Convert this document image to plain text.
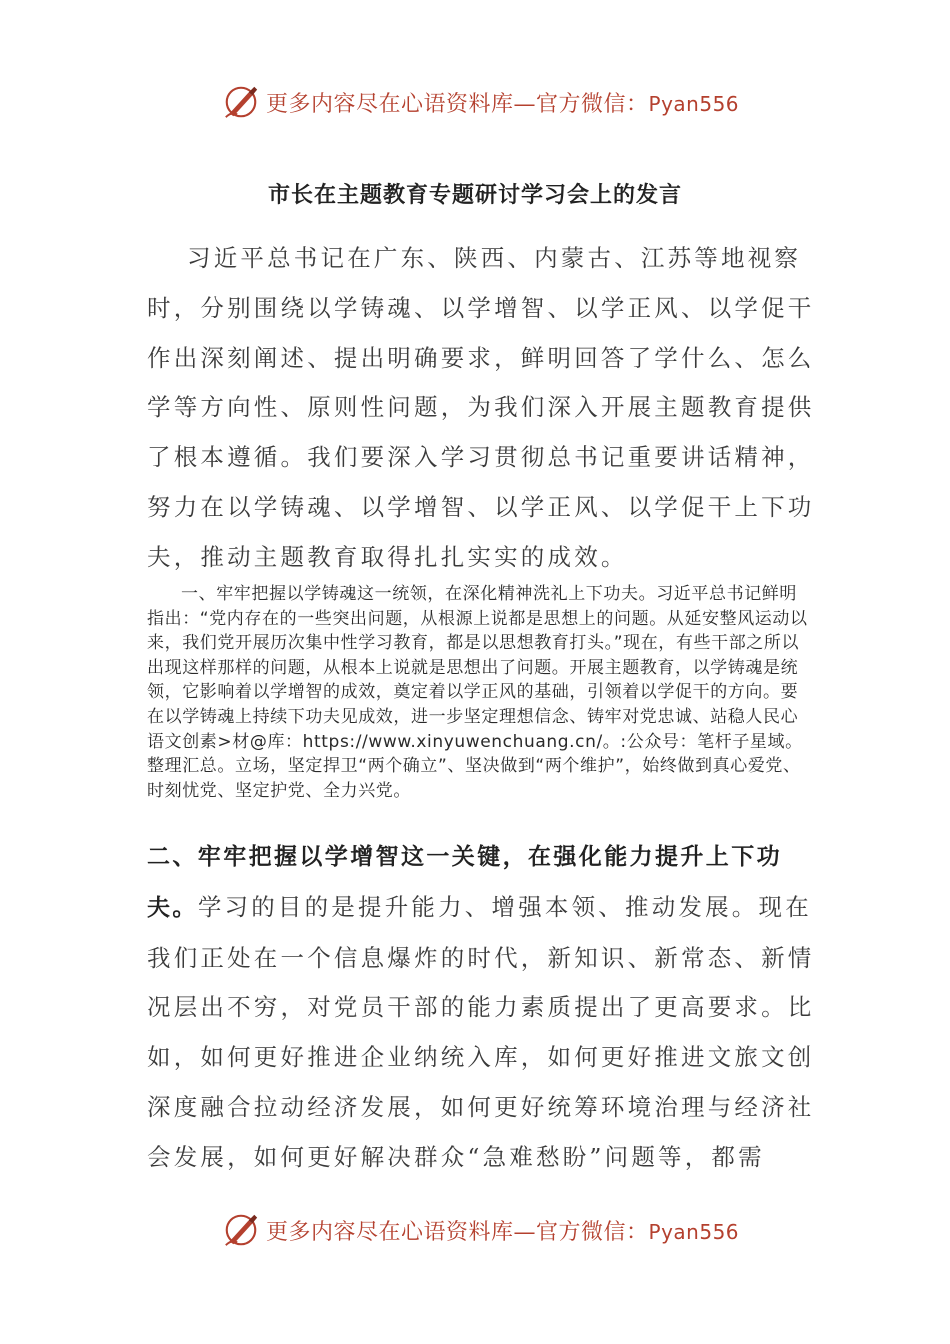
更多内容尽在心语资料库—官方微信：Pyan556
市长在主题教育专题研讨学习会上的发言
习近平总书记在广东、陕西、内蒙古、江苏等地视察时，分别围绕以学铸魂、以学增智、以学正风、以学促干作出深刻阐述、提出明确要求，鲜明回答了学什么、怎么学等方向性、原则性问题，为我们深入开展主题教育提供了根本遵循。我们要深入学习贯彻总书记重要讲话精神，努力在以学铸魂、以学增智、以学正风、以学促干上下功夫，推动主题教育取得扎扎实实的成效。
一、牢牢把握以学铸魂这一统领，在深化精神洗礼上下功夫。习近平总书记鲜明指出：“党内存在的一些突出问题，从根源上说都是思想上的问题。从延安整风运动以来，我们党开展历次集中性学习教育，都是以思想教育打头。”现在，有些干部之所以出现这样那样的问题，从根本上说就是思想出了问题。开展主题教育，以学铸魂是统领，它影响着以学增智的成效，奠定着以学正风的基础，引领着以学促干的方向。要在以学铸魂上持续下功夫见成效，进一步坚定理想信念、铸牢对党忠诚、站稳人民心语文创素>材@库：https://www.xinyuwenchuang.cn/。:公众号：笔杆子星域。整理汇总。立场，坚定捍卫“两个确立”、坚决做到“两个维护”，始终做到真心爱党、时刻忧党、坚定护党、全力兴党。
二、牢牢把握以学增智这一关键，在强化能力提升上下功夫。学习的目的是提升能力、增强本领、推动发展。现在我们正处在一个信息爆炸的时代，新知识、新常态、新情况层出不穷，对党员干部的能力素质提出了更高要求。比如，如何更好推进企业纳统入库，如何更好推进文旅文创深度融合拉动经济发展，如何更好统筹环境治理与经济社会发展，如何更好解决群众“急难愁盼”问题等，都需
更多内容尽在心语资料库—官方微信：Pyan556
